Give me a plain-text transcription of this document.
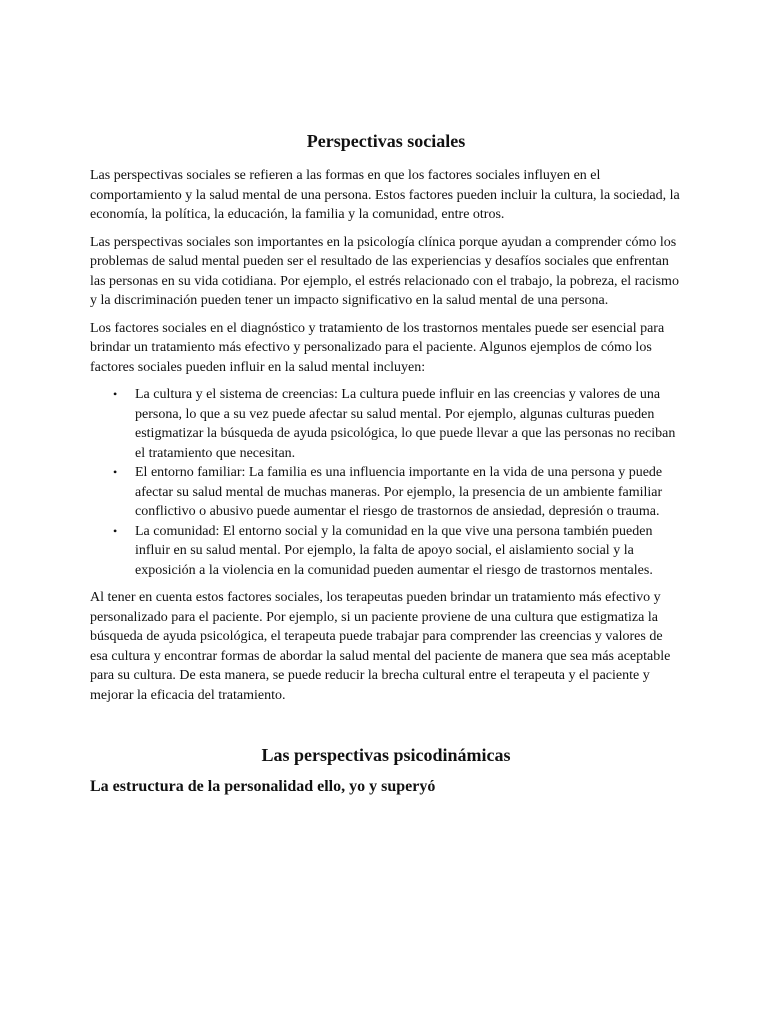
Perspectivas sociales

Las perspectivas sociales se refieren a las formas en que los factores sociales influyen en el comportamiento y la salud mental de una persona. Estos factores pueden incluir la cultura, la sociedad, la economía, la política, la educación, la familia y la comunidad, entre otros.

Las perspectivas sociales son importantes en la psicología clínica porque ayudan a comprender cómo los problemas de salud mental pueden ser el resultado de las experiencias y desafíos sociales que enfrentan las personas en su vida cotidiana. Por ejemplo, el estrés relacionado con el trabajo, la pobreza, el racismo y la discriminación pueden tener un impacto significativo en la salud mental de una persona.

Los factores sociales en el diagnóstico y tratamiento de los trastornos mentales puede ser esencial para brindar un tratamiento más efectivo y personalizado para el paciente. Algunos ejemplos de cómo los factores sociales pueden influir en la salud mental incluyen:

• La cultura y el sistema de creencias: La cultura puede influir en las creencias y valores de una persona, lo que a su vez puede afectar su salud mental. Por ejemplo, algunas culturas pueden estigmatizar la búsqueda de ayuda psicológica, lo que puede llevar a que las personas no reciban el tratamiento que necesitan.
• El entorno familiar: La familia es una influencia importante en la vida de una persona y puede afectar su salud mental de muchas maneras. Por ejemplo, la presencia de un ambiente familiar conflictivo o abusivo puede aumentar el riesgo de trastornos de ansiedad, depresión o trauma.
• La comunidad: El entorno social y la comunidad en la que vive una persona también pueden influir en su salud mental. Por ejemplo, la falta de apoyo social, el aislamiento social y la exposición a la violencia en la comunidad pueden aumentar el riesgo de trastornos mentales.

Al tener en cuenta estos factores sociales, los terapeutas pueden brindar un tratamiento más efectivo y personalizado para el paciente. Por ejemplo, si un paciente proviene de una cultura que estigmatiza la búsqueda de ayuda psicológica, el terapeuta puede trabajar para comprender las creencias y valores de esa cultura y encontrar formas de abordar la salud mental del paciente de manera que sea más aceptable para su cultura. De esta manera, se puede reducir la brecha cultural entre el terapeuta y el paciente y mejorar la eficacia del tratamiento.

Las perspectivas psicodinámicas
La estructura de la personalidad ello, yo y superyó
